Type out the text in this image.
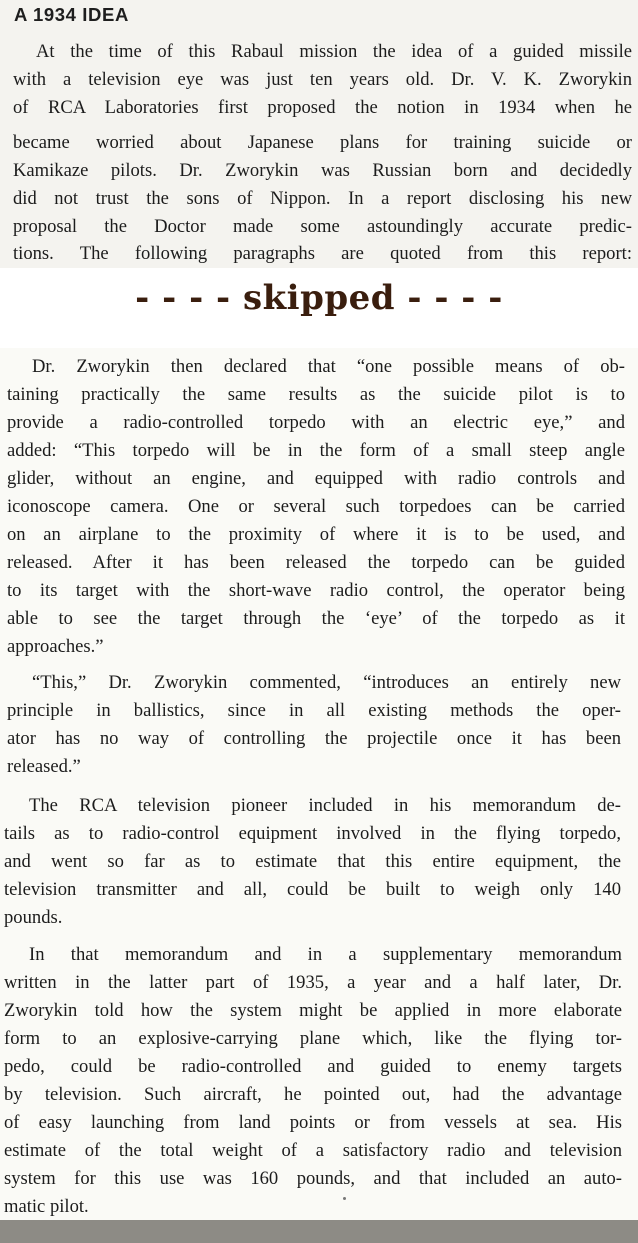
A 1934 IDEA
At the time of this Rabaul mission the idea of a guided missile
with a television eye was just ten years old. Dr. V. K. Zworykin
of RCA Laboratories first proposed the notion in 1934 when he
became worried about Japanese plans for training suicide or
Kamikaze pilots. Dr. Zworykin was Russian born and decidedly
did not trust the sons of Nippon. In a report disclosing his new
proposal the Doctor made some astoundingly accurate predic-
tions. The following paragraphs are quoted from this report:
- - - - skipped - - - -
Dr. Zworykin then declared that “one possible means of ob-
taining practically the same results as the suicide pilot is to
provide a radio-controlled torpedo with an electric eye,” and
added: “This torpedo will be in the form of a small steep angle
glider, without an engine, and equipped with radio controls and
iconoscope camera. One or several such torpedoes can be carried
on an airplane to the proximity of where it is to be used, and
released. After it has been released the torpedo can be guided
to its target with the short-wave radio control, the operator being
able to see the target through the ‘eye’ of the torpedo as it
approaches.”
“This,” Dr. Zworykin commented, “introduces an entirely new
principle in ballistics, since in all existing methods the oper-
ator has no way of controlling the projectile once it has been
released.”
The RCA television pioneer included in his memorandum de-
tails as to radio-control equipment involved in the flying torpedo,
and went so far as to estimate that this entire equipment, the
television transmitter and all, could be built to weigh only 140
pounds.
In that memorandum and in a supplementary memorandum
written in the latter part of 1935, a year and a half later, Dr.
Zworykin told how the system might be applied in more elaborate
form to an explosive-carrying plane which, like the flying tor-
pedo, could be radio-controlled and guided to enemy targets
by television. Such aircraft, he pointed out, had the advantage
of easy launching from land points or from vessels at sea. His
estimate of the total weight of a satisfactory radio and television
system for this use was 160 pounds, and that included an auto-
matic pilot.
